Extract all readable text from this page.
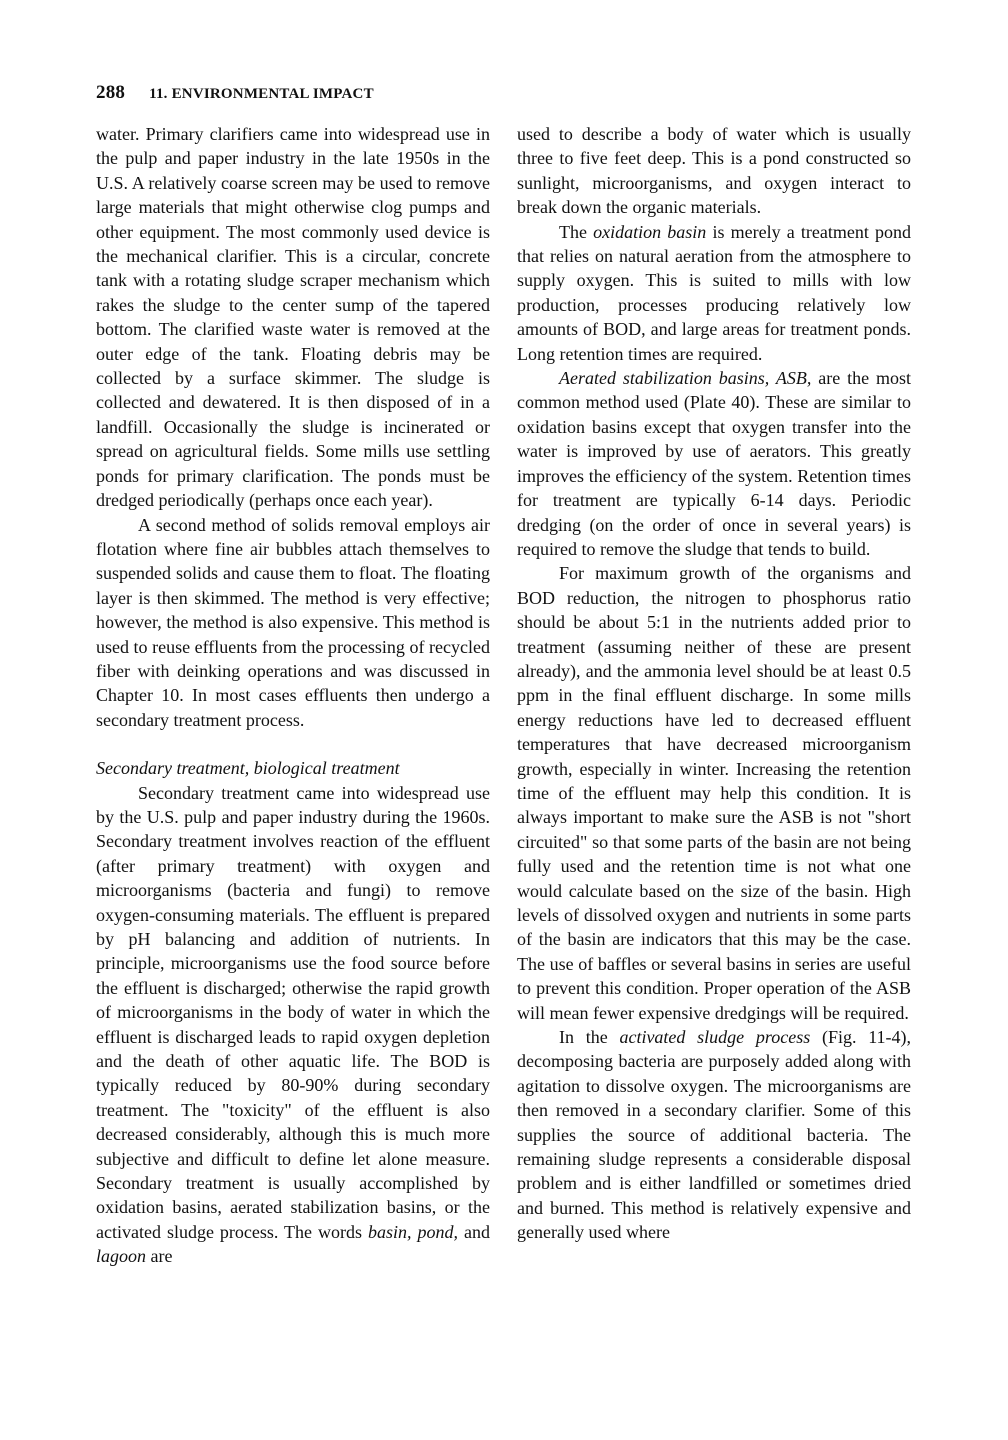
288 11. ENVIRONMENTAL IMPACT

water. Primary clarifiers came into widespread use in the pulp and paper industry in the late 1950s in the U.S. A relatively coarse screen may be used to remove large materials that might otherwise clog pumps and other equipment. The most commonly used device is the mechanical clarifier. This is a circular, concrete tank with a rotating sludge scraper mechanism which rakes the sludge to the center sump of the tapered bottom. The clarified waste water is removed at the outer edge of the tank. Floating debris may be collected by a surface skimmer. The sludge is collected and dewatered. It is then disposed of in a landfill. Occasionally the sludge is incinerated or spread on agricultural fields. Some mills use settling ponds for primary clarification. The ponds must be dredged periodically (perhaps once each year).

A second method of solids removal employs air flotation where fine air bubbles attach themselves to suspended solids and cause them to float. The floating layer is then skimmed. The method is very effective; however, the method is also expensive. This method is used to reuse effluents from the processing of recycled fiber with deinking operations and was discussed in Chapter 10. In most cases effluents then undergo a secondary treatment process.

Secondary treatment, biological treatment

Secondary treatment came into widespread use by the U.S. pulp and paper industry during the 1960s. Secondary treatment involves reaction of the effluent (after primary treatment) with oxygen and microorganisms (bacteria and fungi) to remove oxygen-consuming materials. The effluent is prepared by pH balancing and addition of nutrients. In principle, microorganisms use the food source before the effluent is discharged; otherwise the rapid growth of microorganisms in the body of water in which the effluent is discharged leads to rapid oxygen depletion and the death of other aquatic life. The BOD is typically reduced by 80-90% during secondary treatment. The "toxicity" of the effluent is also decreased considerably, although this is much more subjective and difficult to define let alone measure. Secondary treatment is usually accomplished by oxidation basins, aerated stabilization basins, or the activated sludge process. The words basin, pond, and lagoon are

used to describe a body of water which is usually three to five feet deep. This is a pond constructed so sunlight, microorganisms, and oxygen interact to break down the organic materials.

The oxidation basin is merely a treatment pond that relies on natural aeration from the atmosphere to supply oxygen. This is suited to mills with low production, processes producing relatively low amounts of BOD, and large areas for treatment ponds. Long retention times are required.

Aerated stabilization basins, ASB, are the most common method used (Plate 40). These are similar to oxidation basins except that oxygen transfer into the water is improved by use of aerators. This greatly improves the efficiency of the system. Retention times for treatment are typically 6-14 days. Periodic dredging (on the order of once in several years) is required to remove the sludge that tends to build.

For maximum growth of the organisms and BOD reduction, the nitrogen to phosphorus ratio should be about 5:1 in the nutrients added prior to treatment (assuming neither of these are present already), and the ammonia level should be at least 0.5 ppm in the final effluent discharge. In some mills energy reductions have led to decreased effluent temperatures that have decreased microorganism growth, especially in winter. Increasing the retention time of the effluent may help this condition. It is always important to make sure the ASB is not "short circuited" so that some parts of the basin are not being fully used and the retention time is not what one would calculate based on the size of the basin. High levels of dissolved oxygen and nutrients in some parts of the basin are indicators that this may be the case. The use of baffles or several basins in series are useful to prevent this condition. Proper operation of the ASB will mean fewer expensive dredgings will be required.

In the activated sludge process (Fig. 11-4), decomposing bacteria are purposely added along with agitation to dissolve oxygen. The microorganisms are then removed in a secondary clarifier. Some of this supplies the source of additional bacteria. The remaining sludge represents a considerable disposal problem and is either landfilled or sometimes dried and burned. This method is relatively expensive and generally used where
